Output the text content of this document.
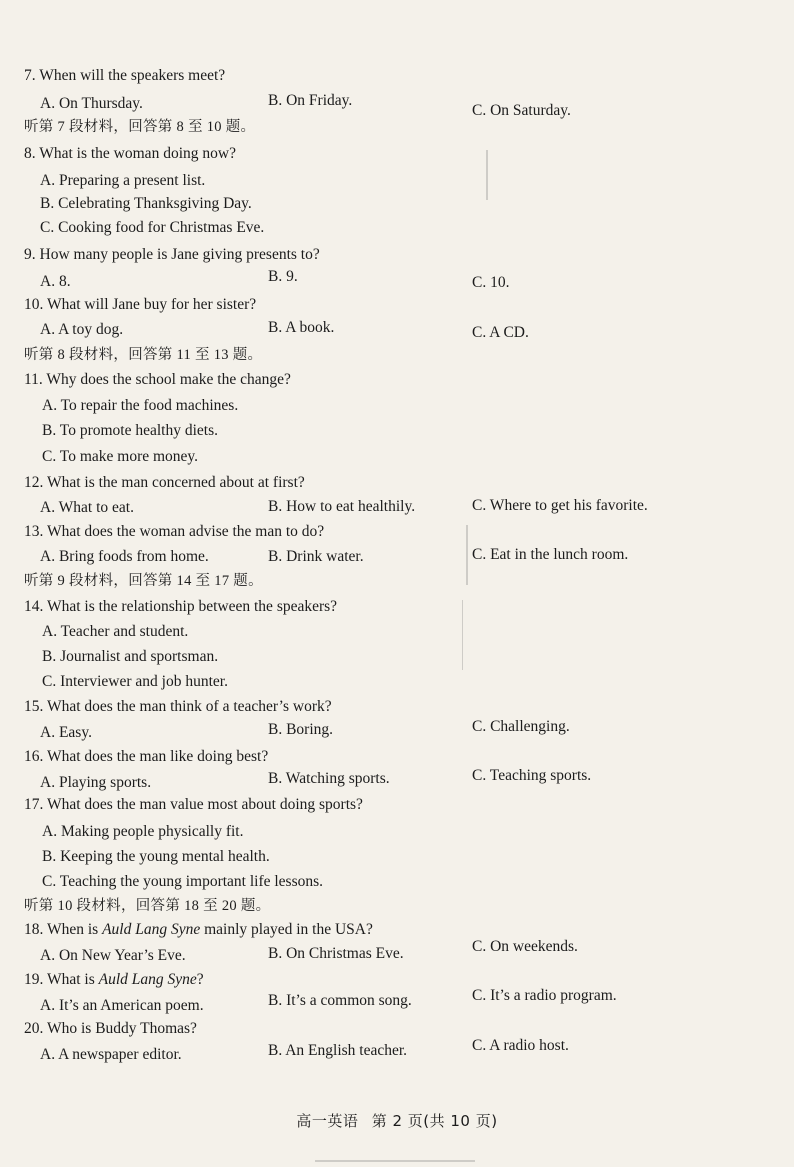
7. When will the speakers meet?
A. On Thursday.	B. On Friday.
C. On Saturday.
听第 7 段材料，回答第 8 至 10 题。
8. What is the woman doing now?
A. Preparing a present list.
B. Celebrating Thanksgiving Day.
C. Cooking food for Christmas Eve.
9. How many people is Jane giving presents to?
A. 8.	B. 9.	C. 10.
10. What will Jane buy for her sister?
A. A toy dog.	B. A book.	C. A CD.
听第 8 段材料，回答第 11 至 13 题。
11. Why does the school make the change?
A. To repair the food machines.
B. To promote healthy diets.
C. To make more money.
12. What is the man concerned about at first?
A. What to eat.	B. How to eat healthily.	C. Where to get his favorite.
13. What does the woman advise the man to do?
A. Bring foods from home.	B. Drink water.	C. Eat in the lunch room.
听第 9 段材料，回答第 14 至 17 题。
14. What is the relationship between the speakers?
A. Teacher and student.
B. Journalist and sportsman.
C. Interviewer and job hunter.
15. What does the man think of a teacher’s work?
A. Easy.	B. Boring.	C. Challenging.
16. What does the man like doing best?
A. Playing sports.	B. Watching sports.	C. Teaching sports.
17. What does the man value most about doing sports?
A. Making people physically fit.
B. Keeping the young mental health.
C. Teaching the young important life lessons.
听第 10 段材料，回答第 18 至 20 题。
18. When is Auld Lang Syne mainly played in the USA?
A. On New Year’s Eve.	B. On Christmas Eve.	C. On weekends.
19. What is Auld Lang Syne?
A. It’s an American poem.	B. It’s a common song.	C. It’s a radio program.
20. Who is Buddy Thomas?
A. A newspaper editor.	B. An English teacher.	C. A radio host.
高一英语 第 2 页(共 10 页)
